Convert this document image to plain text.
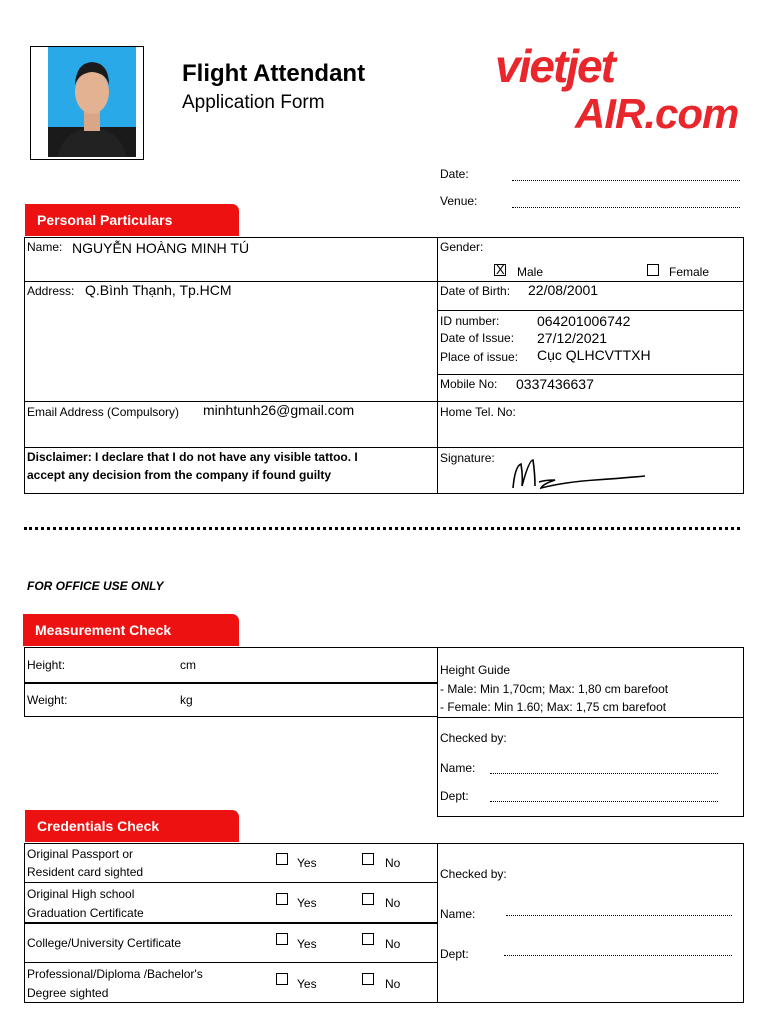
Flight Attendant
Application Form
vietjet
AIR.com
Date:
Venue:
Personal Particulars
Name: NGUYỄN HOÀNG MINH TÚ	Gender:
X Male	Female
Address: Q.Bình Thạnh, Tp.HCM	Date of Birth: 22/08/2001
ID number:	064201006742
Date of Issue: 27/12/2021
Place of issue: Cục QLHCVTTXH
Mobile No: 0337436637
Email Address (Compulsory) minhtunh26@gmail.com	Home Tel. No:
Disclaimer: I declare that I do not have any visible tattoo. I
accept any decision from the company if found guilty
Signature:
FOR OFFICE USE ONLY
Measurement Check
Height:	cm
Weight:	kg
Height Guide
- Male: Min 1,70cm; Max: 1,80 cm barefoot
- Female: Min 1.60; Max: 1,75 cm barefoot
Checked by:
Name:
Dept:
Credentials Check
Original Passport or
Resident card sighted
Yes	No
Original High school
Graduation Certificate
Yes	No
College/University Certificate	Yes	No
Professional/Diploma /Bachelor's
Degree sighted
Yes	No
Checked by:
Name:
Dept:
